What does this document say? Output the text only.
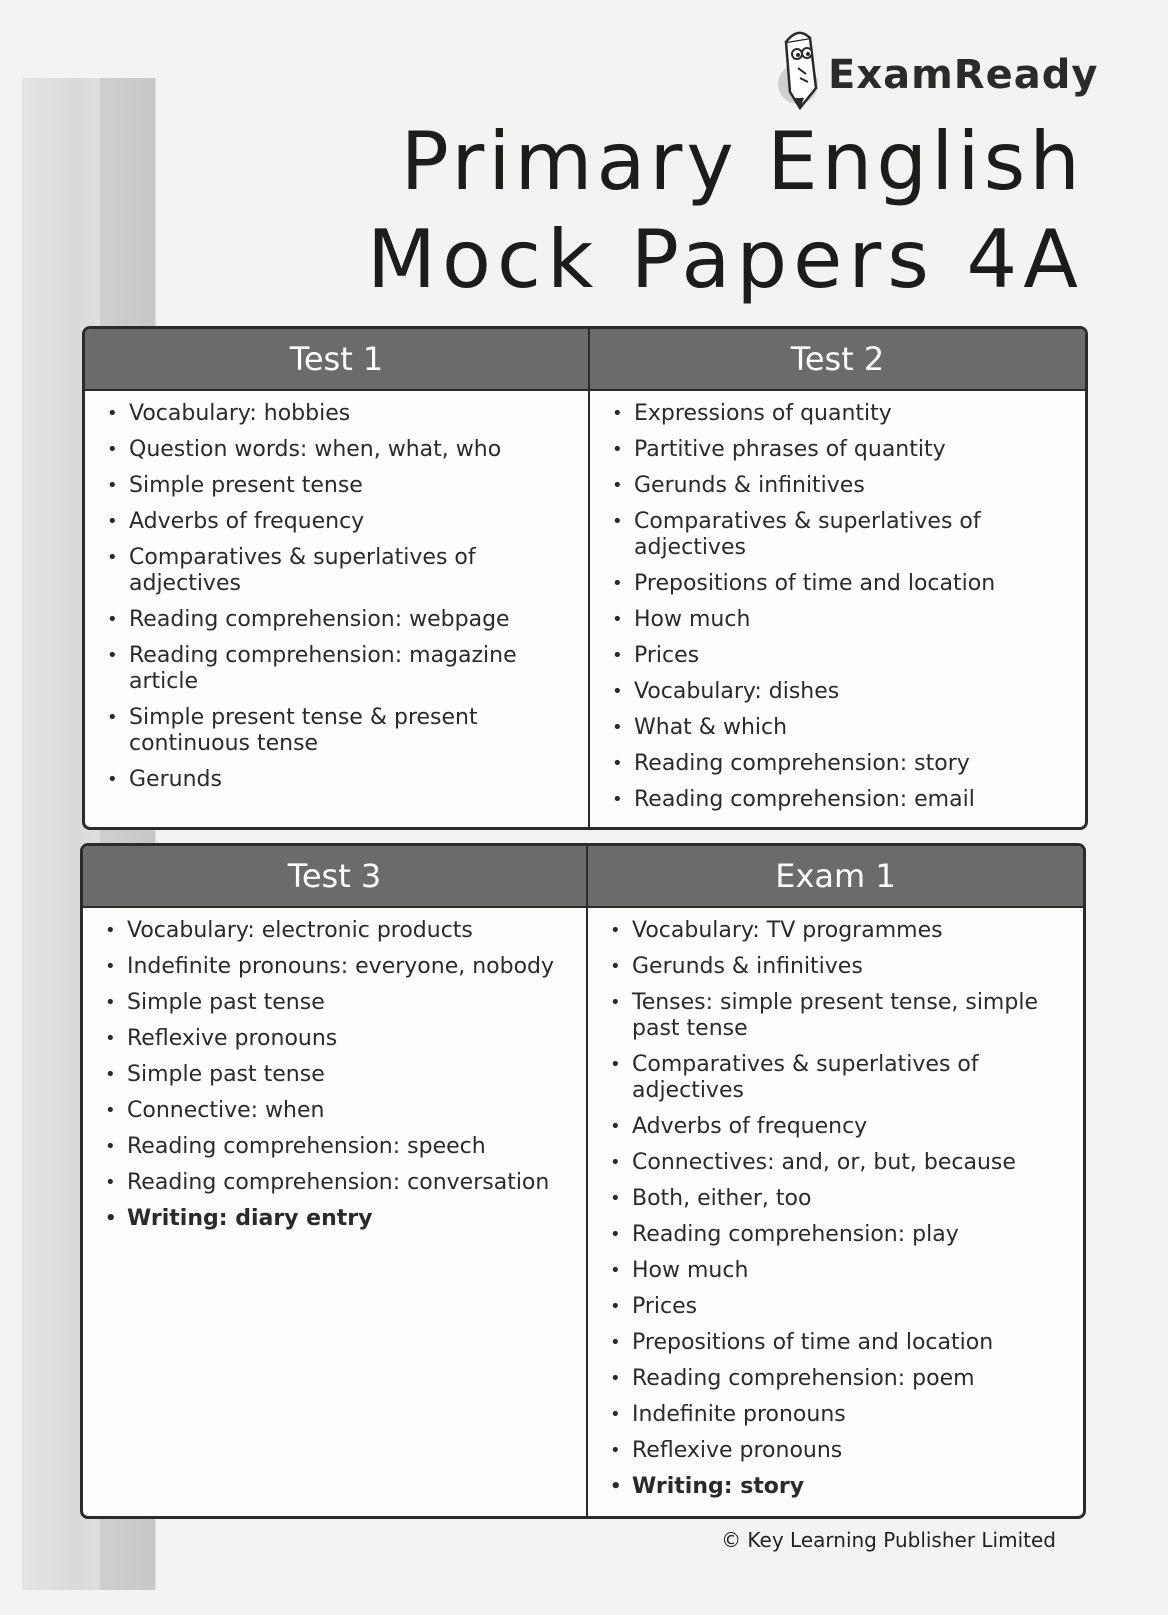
ExamReady
Primary English
Mock Papers 4A
Test 1
• Vocabulary: hobbies
• Question words: when, what, who
• Simple present tense
• Adverbs of frequency
• Comparatives & superlatives of adjectives
• Reading comprehension: webpage
• Reading comprehension: magazine article
• Simple present tense & present continuous tense
• Gerunds
Test 2
• Expressions of quantity
• Partitive phrases of quantity
• Gerunds & infinitives
• Comparatives & superlatives of adjectives
• Prepositions of time and location
• How much
• Prices
• Vocabulary: dishes
• What & which
• Reading comprehension: story
• Reading comprehension: email
Test 3
• Vocabulary: electronic products
• Indefinite pronouns: everyone, nobody
• Simple past tense
• Reflexive pronouns
• Simple past tense
• Connective: when
• Reading comprehension: speech
• Reading comprehension: conversation
• Writing: diary entry
Exam 1
• Vocabulary: TV programmes
• Gerunds & infinitives
• Tenses: simple present tense, simple past tense
• Comparatives & superlatives of adjectives
• Adverbs of frequency
• Connectives: and, or, but, because
• Both, either, too
• Reading comprehension: play
• How much
• Prices
• Prepositions of time and location
• Reading comprehension: poem
• Indefinite pronouns
• Reflexive pronouns
• Writing: story
© Key Learning Publisher Limited
